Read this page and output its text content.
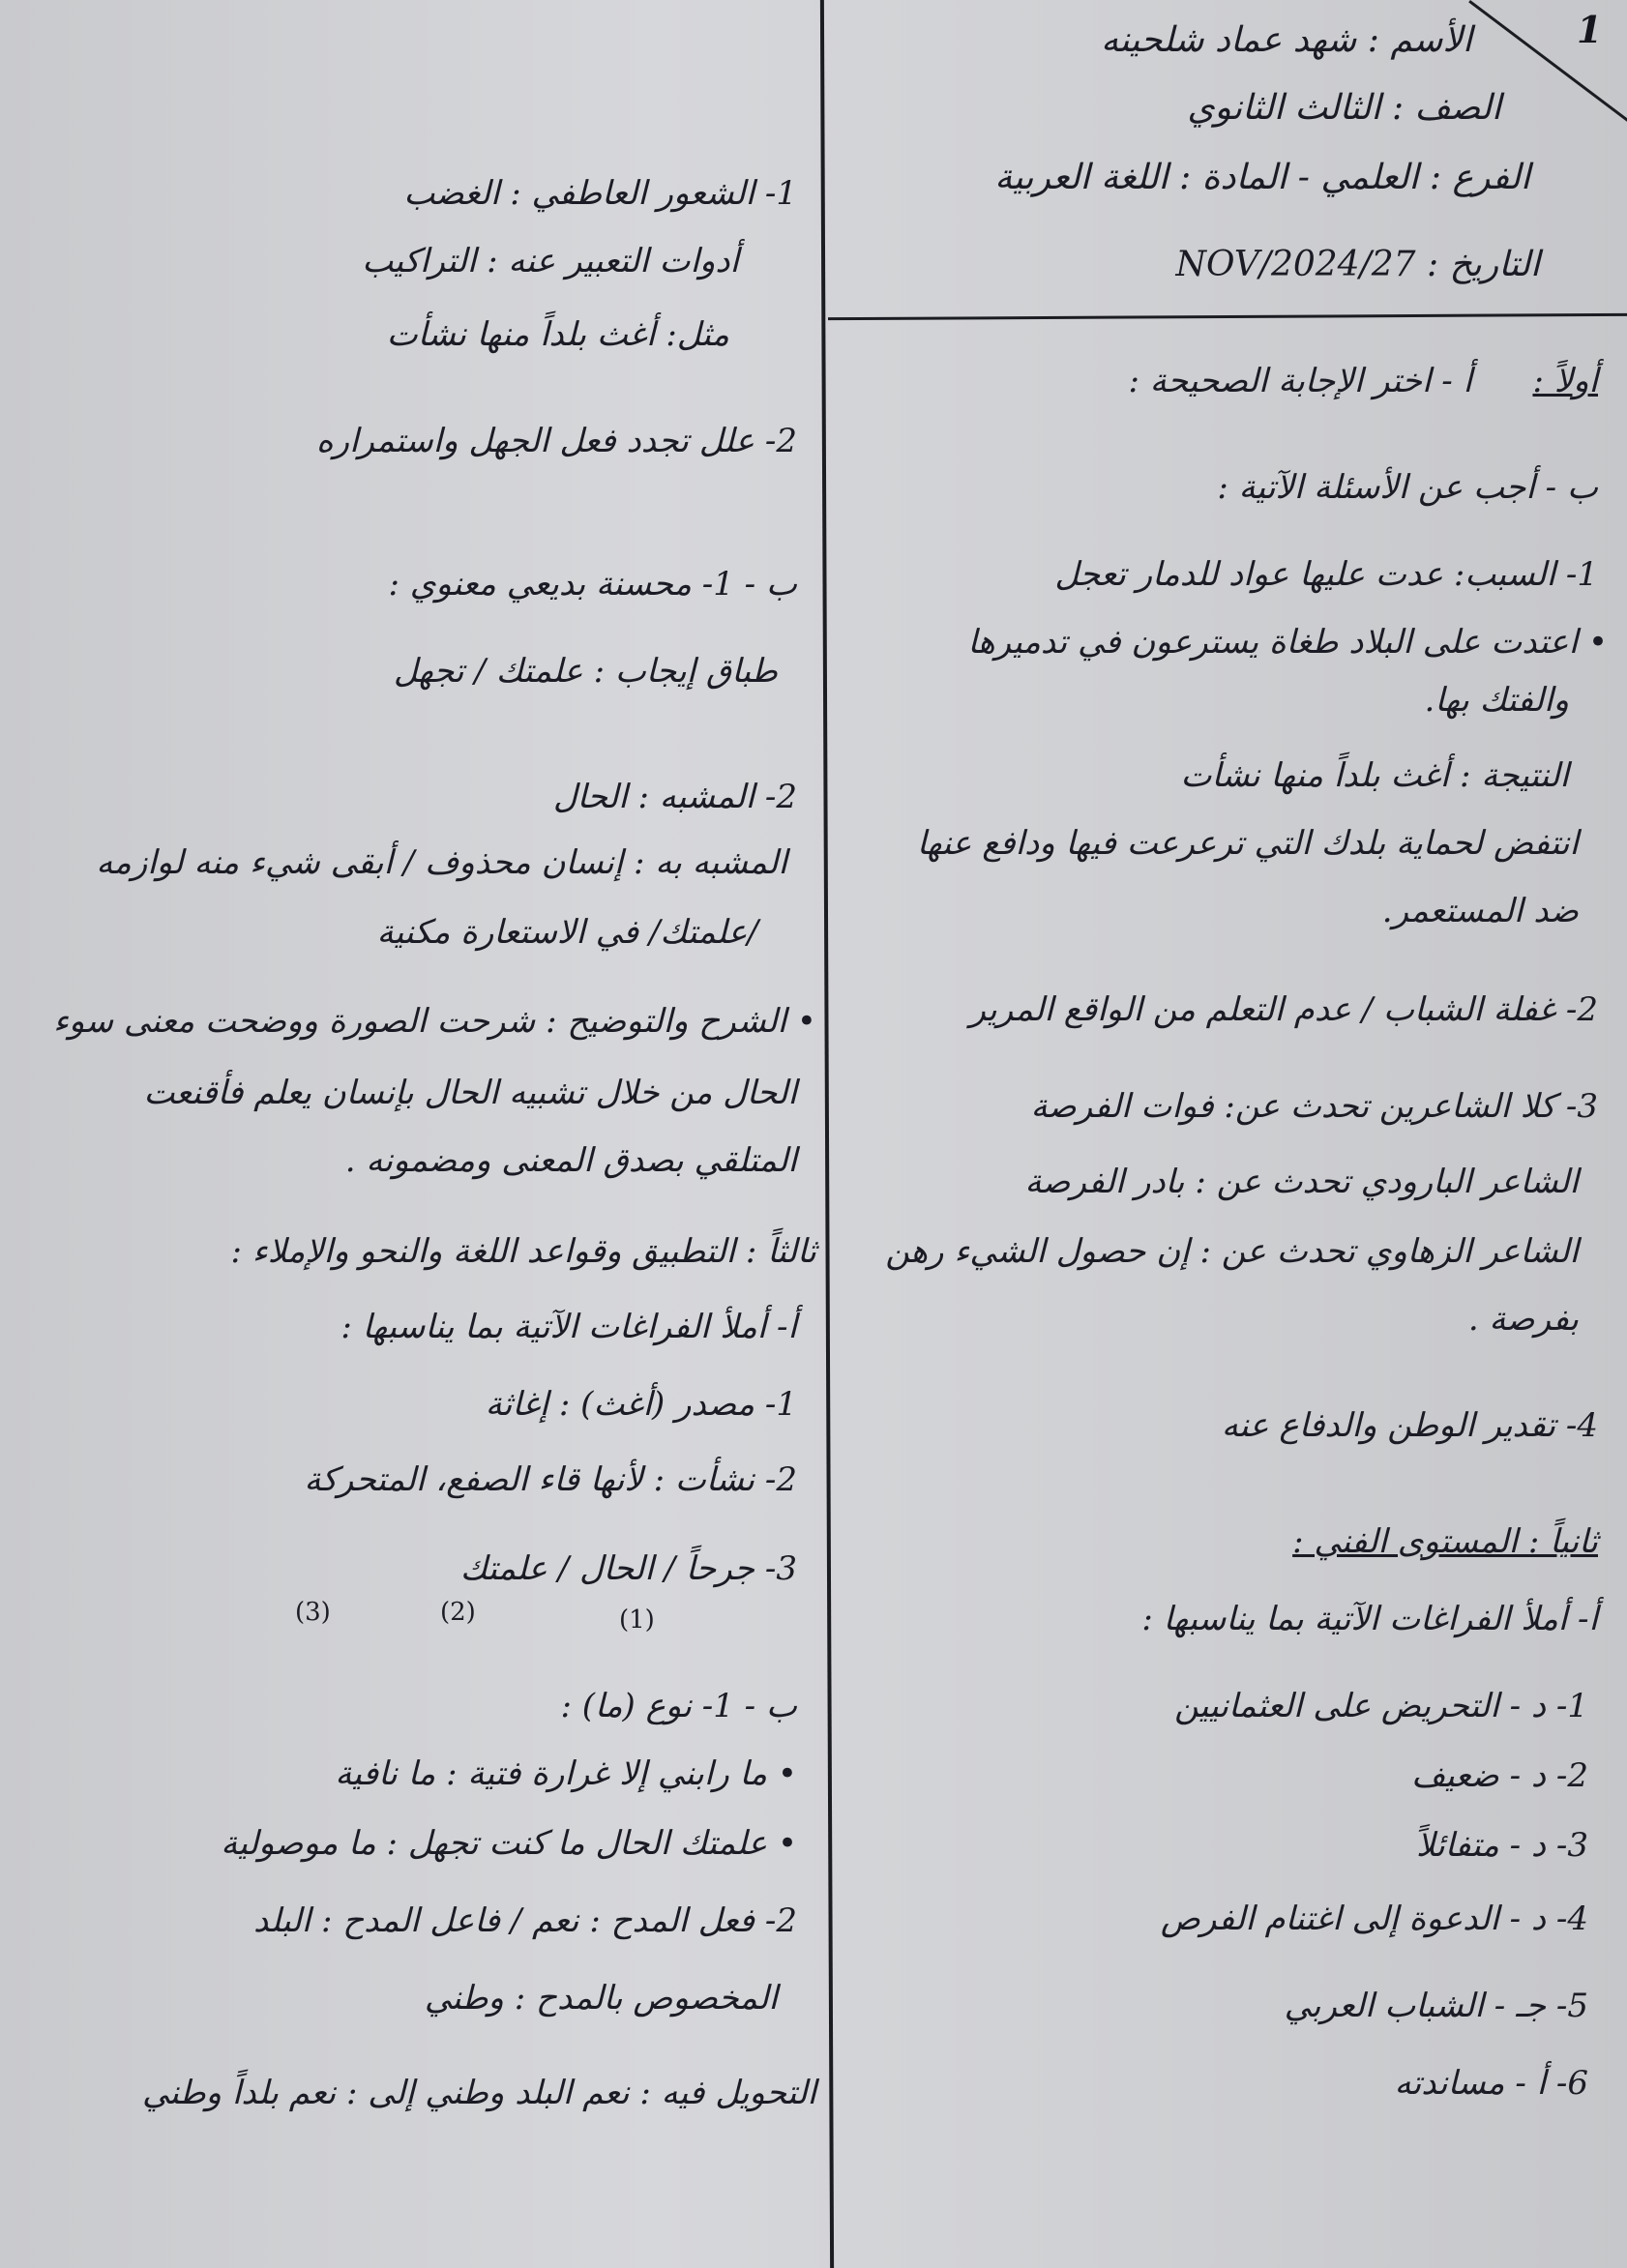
1
الأسم : شهد عماد شلحينه
الصف : الثالث الثانوي
الفرع : العلمي - المادة : اللغة العربية
التاريخ : 27/NOV/2024
أولاً :
أ - اختر الإجابة الصحيحة :
ب - أجب عن الأسئلة الآتية :
1- السبب: عدت عليها عواد للدمار تعجل
• اعتدت على البلاد طغاة يسترعون في تدميرها
والفتك بها.
النتيجة : أغث بلداً منها نشأت
انتفض لحماية بلدك التي ترعرعت فيها ودافع عنها
ضد المستعمر.
2- غفلة الشباب / عدم التعلم من الواقع المرير
3- كلا الشاعرين تحدث عن: فوات الفرصة
الشاعر البارودي تحدث عن : بادر الفرصة
الشاعر الزهاوي تحدث عن : إن حصول الشيء رهن
بفرصة .
4- تقدير الوطن والدفاع عنه
ثانياً : المستوى الفني :
أ- أملأ الفراغات الآتية بما يناسبها :
1- د - التحريض على العثمانيين
2- د - ضعيف
3- د - متفائلاً
4- د - الدعوة إلى اغتنام الفرص
5- جـ - الشباب العربي
6- أ - مساندته
1- الشعور العاطفي : الغضب
أدوات التعبير عنه : التراكيب
مثل: أغث بلداً منها نشأت
2- علل تجدد فعل الجهل واستمراره
ب - 1- محسنة بديعي معنوي :
طباق إيجاب : علمتك / تجهل
2- المشبه : الحال
المشبه به : إنسان محذوف / أبقى شيء منه لوازمه
/علمتك/ في الاستعارة مكنية
• الشرح والتوضيح : شرحت الصورة ووضحت معنى سوء
الحال من خلال تشبيه الحال بإنسان يعلم فأقنعت
المتلقي بصدق المعنى ومضمونه .
ثالثاً : التطبيق وقواعد اللغة والنحو والإملاء :
أ- أملأ الفراغات الآتية بما يناسبها :
1- مصدر (أغث) : إغاثة
2- نشأت : لأنها قاء الصفع، المتحركة
3- جرحاً / الحال / علمتك
ب - 1- نوع (ما) :
• ما رابني إلا غرارة فتية : ما نافية
• علمتك الحال ما كنت تجهل : ما موصولية
2- فعل المدح : نعم / فاعل المدح : البلد
المخصوص بالمدح : وطني
التحويل فيه : نعم البلد وطني إلى : نعم بلداً وطني
(3)	(2)	(1)
